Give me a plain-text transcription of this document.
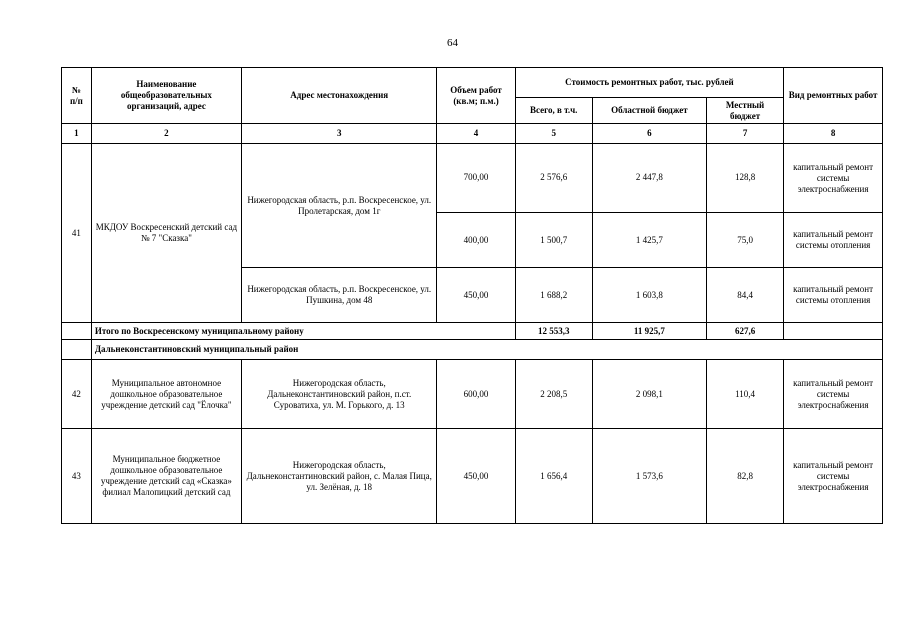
64
№
п/п	Наименование общеобразовательных организаций, адрес	Адрес местонахождения	Объем работ (кв.м; п.м.)	Стоимость ремонтных работ, тыс. рублей			Вид ремонтных работ
				Всего, в т.ч.	Областной бюджет	Местный бюджет	
1	2	3	4	5	6	7	8
41	МКДОУ Воскресенский детский сад № 7 "Сказка"	Нижегородская область, р.п. Воскресенское, ул. Пролетарская, дом 1г	700,00	2 576,6	2 447,8	128,8	капитальный ремонт системы электроснабжения
			400,00	1 500,7	1 425,7	75,0	капитальный ремонт системы отопления
		Нижегородская область, р.п. Воскресенское, ул. Пушкина, дом 48	450,00	1 688,2	1 603,8	84,4	капитальный ремонт системы отопления
	Итого по Воскресенскому муниципальному району			12 553,3	11 925,7	627,6	
	Дальнеконстантиновский муниципальный район						
42	Муниципальное автономное дошкольное образовательное учреждение детский сад "Ёлочка"	Нижегородская область, Дальнеконстантиновский район, п.ст. Суроватиха, ул. М. Горького, д. 13	600,00	2 208,5	2 098,1	110,4	капитальный ремонт системы электроснабжения
43	Муниципальное бюджетное дошкольное образовательное учреждение детский сад «Сказка» филиал Малопицкий детский сад	Нижегородская область, Дальнеконстантиновский район, с. Малая Пица, ул. Зелёная, д. 18	450,00	1 656,4	1 573,6	82,8	капитальный ремонт системы электроснабжения
